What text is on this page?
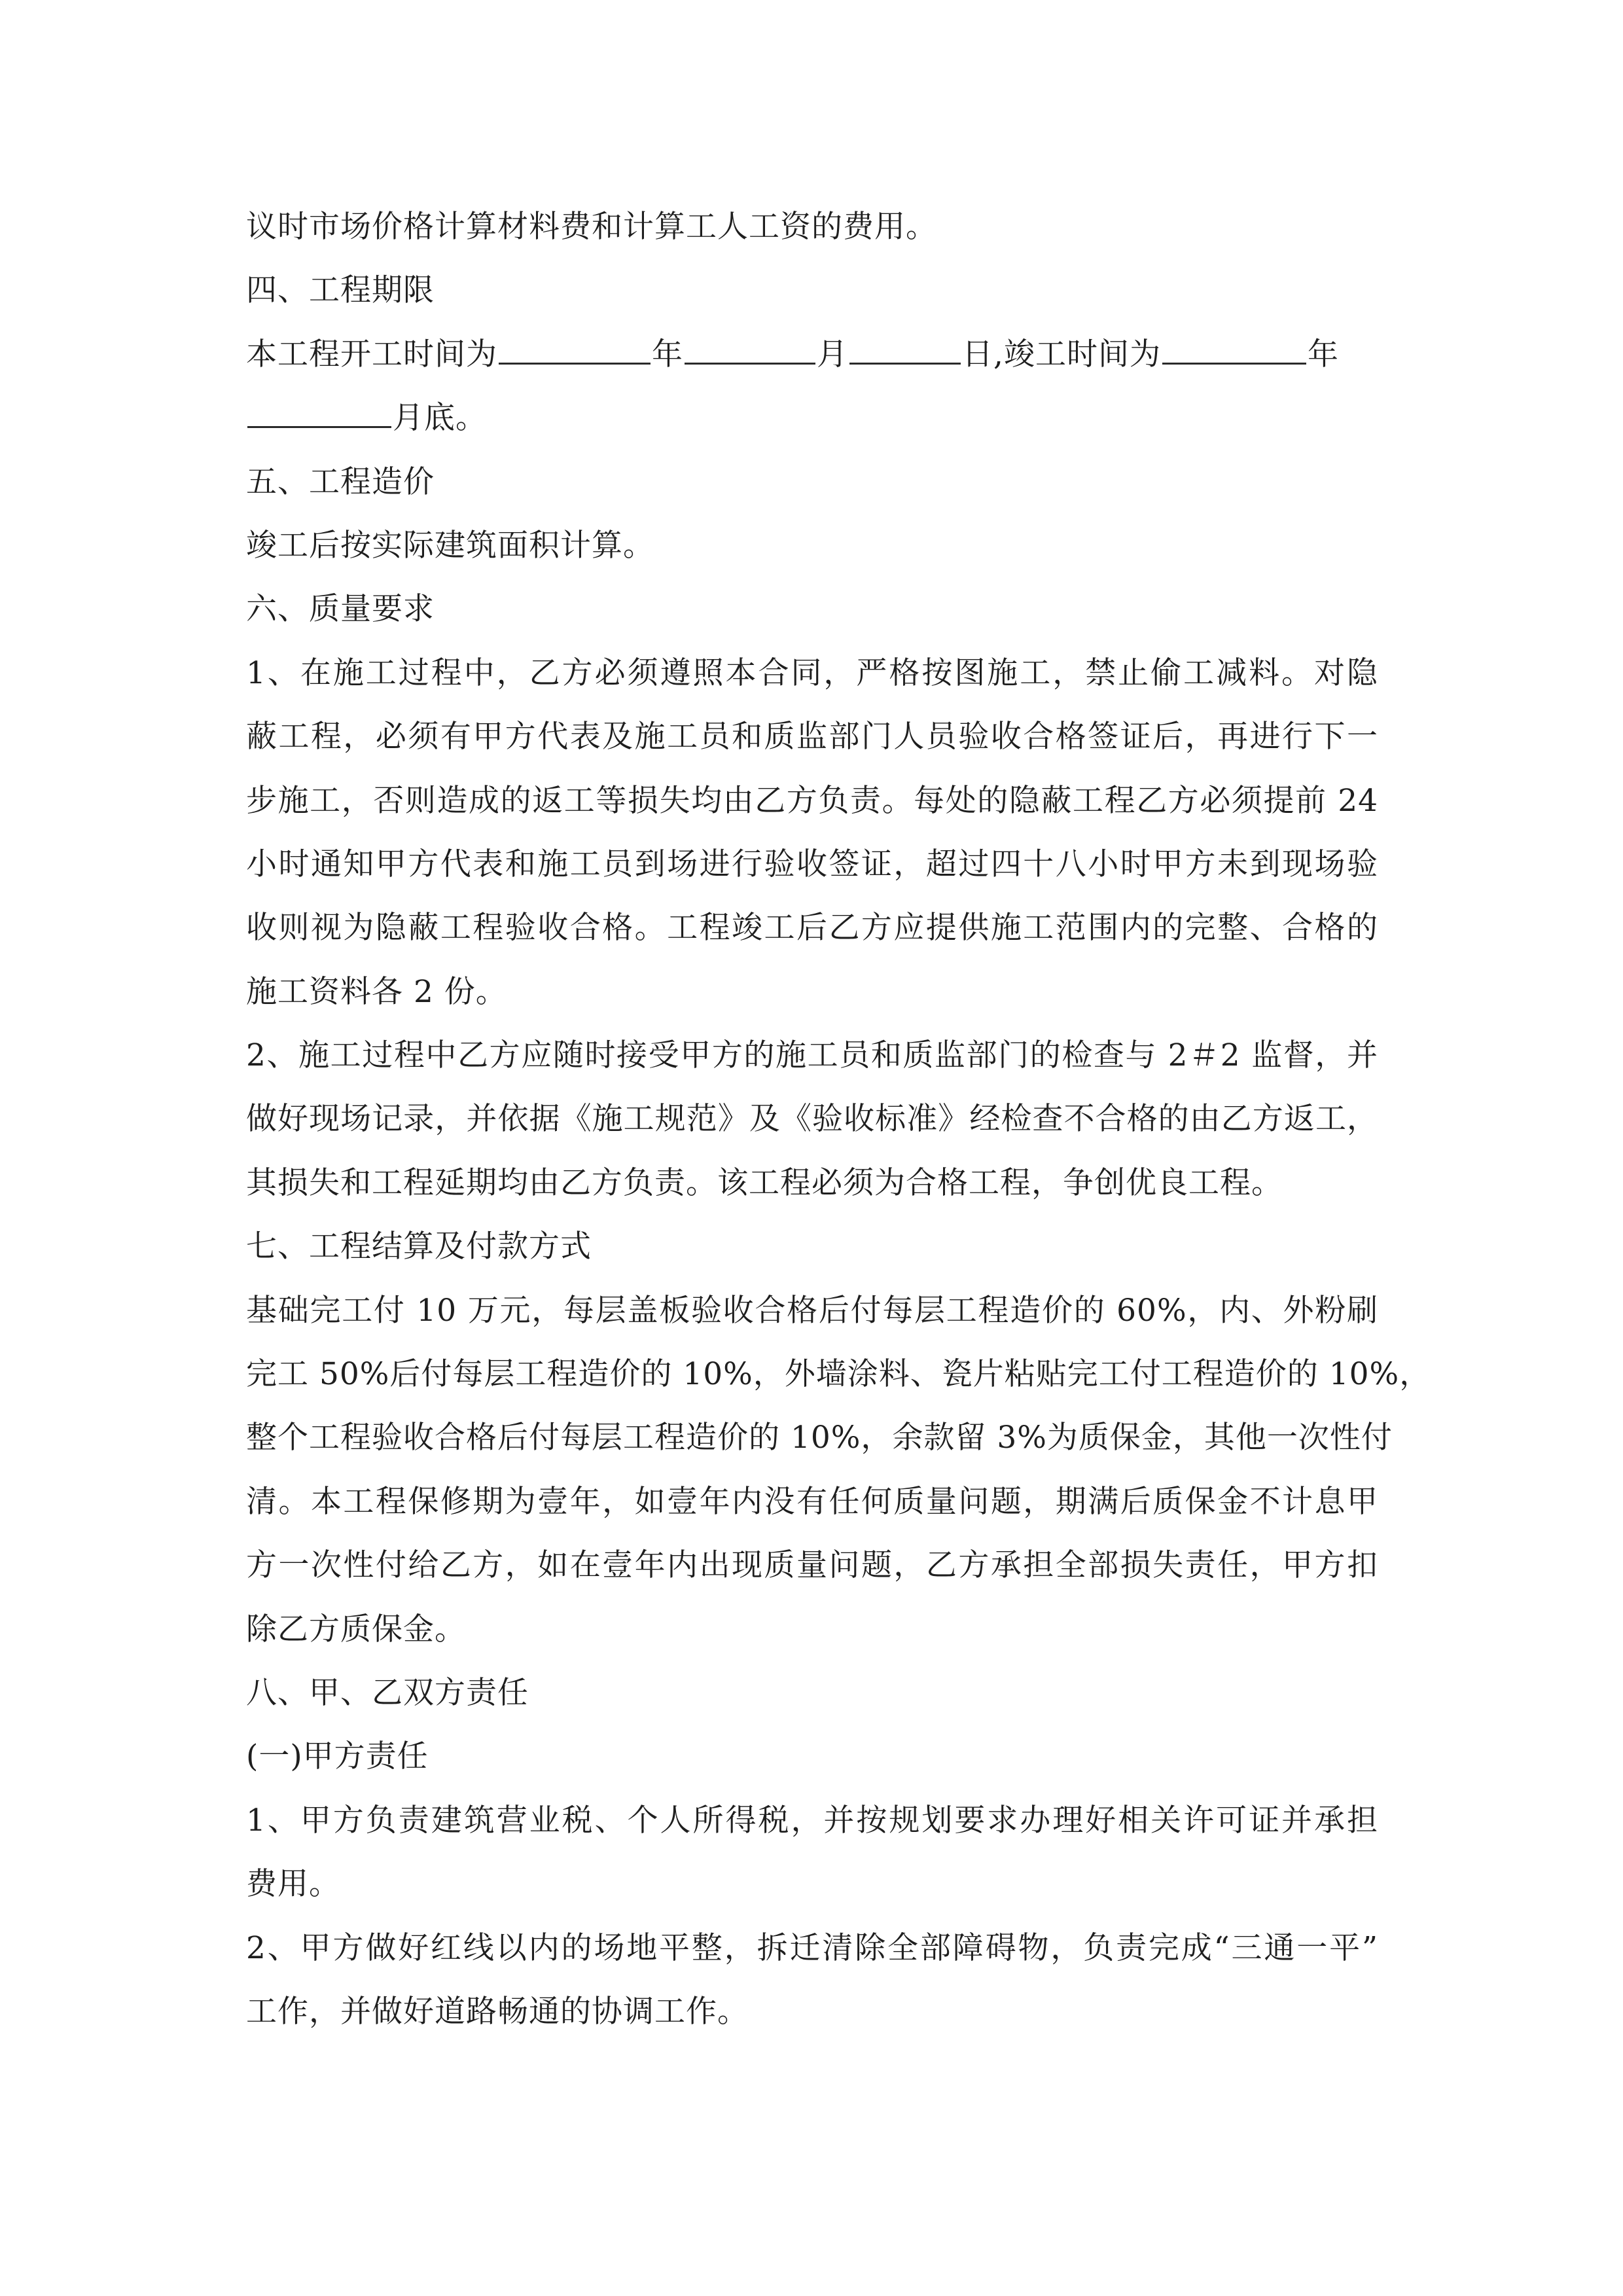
议时市场价格计算材料费和计算工人工资的费用。
四、工程期限
本工程开工时间为	年	月	日,竣工时间为	年
月底。
五、工程造价
竣工后按实际建筑面积计算。
六、质量要求
1、在施工过程中，乙方必须遵照本合同，严格按图施工，禁止偷工减料。对隐
蔽工程，必须有甲方代表及施工员和质监部门人员验收合格签证后，再进行下一
步施工，否则造成的返工等损失均由乙方负责。每处的隐蔽工程乙方必须提前 24
小时通知甲方代表和施工员到场进行验收签证，超过四十八小时甲方未到现场验
收则视为隐蔽工程验收合格。工程竣工后乙方应提供施工范围内的完整、合格的
施工资料各 2 份。
2、施工过程中乙方应随时接受甲方的施工员和质监部门的检查与 2＃2 监督，并
做好现场记录，并依据《施工规范》及《验收标准》经检查不合格的由乙方返工，
其损失和工程延期均由乙方负责。该工程必须为合格工程，争创优良工程。
七、工程结算及付款方式
基础完工付 10 万元，每层盖板验收合格后付每层工程造价的 60%，内、外粉刷
完工 50%后付每层工程造价的 10%，外墙涂料、瓷片粘贴完工付工程造价的 10%，
整个工程验收合格后付每层工程造价的 10%，余款留 3%为质保金，其他一次性付
清。本工程保修期为壹年，如壹年内没有任何质量问题，期满后质保金不计息甲
方一次性付给乙方，如在壹年内出现质量问题，乙方承担全部损失责任，甲方扣
除乙方质保金。
八、甲、乙双方责任
(一)甲方责任
1、甲方负责建筑营业税、个人所得税，并按规划要求办理好相关许可证并承担
费用。
2、甲方做好红线以内的场地平整，拆迁清除全部障碍物，负责完成“三通一平”
工作，并做好道路畅通的协调工作。
